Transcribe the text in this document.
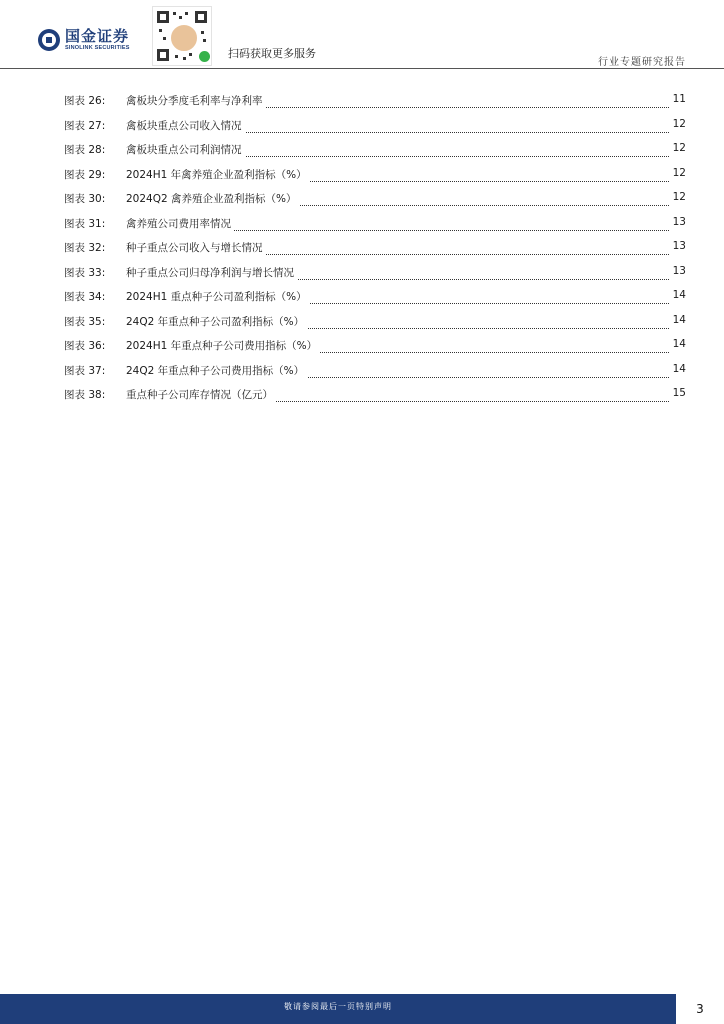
国金证券
SINOLINK SECURITIES	扫码获取更多服务
行业专题研究报告
图表 26: 禽板块分季度毛利率与净利率	11
图表 27: 禽板块重点公司收入情况	12
图表 28: 禽板块重点公司利润情况	12
图表 29: 2024H1 年禽养殖企业盈利指标（%）	12
图表 30: 2024Q2 禽养殖企业盈利指标（%）	12
图表 31: 禽养殖公司费用率情况	13
图表 32: 种子重点公司收入与增长情况	13
图表 33: 种子重点公司归母净利润与增长情况	13
图表 34: 2024H1 重点种子公司盈利指标（%）	14
图表 35: 24Q2 年重点种子公司盈利指标（%）	14
图表 36: 2024H1 年重点种子公司费用指标（%）	14
图表 37: 24Q2 年重点种子公司费用指标（%）	14
图表 38: 重点种子公司库存情况（亿元）	15
敬请参阅最后一页特别声明	3
